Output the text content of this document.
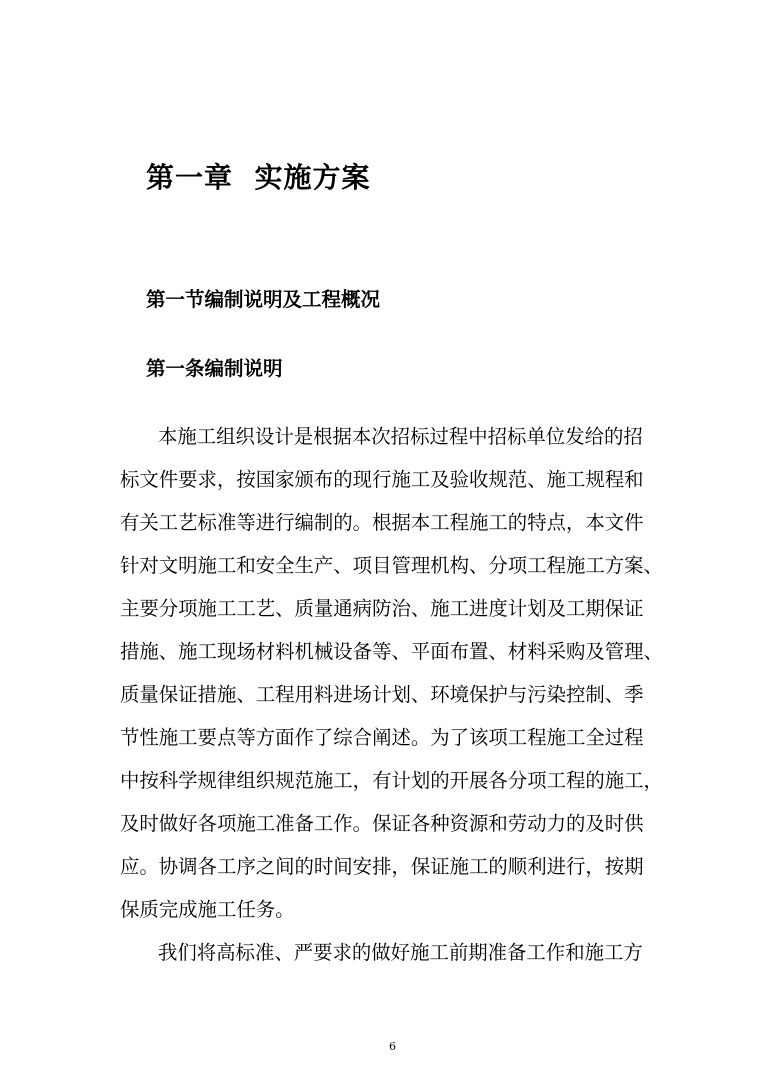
第一章  实施方案
第一节编制说明及工程概况
第一条编制说明
本施工组织设计是根据本次招标过程中招标单位发给的招
标文件要求，按国家颁布的现行施工及验收规范、施工规程和
有关工艺标准等进行编制的。根据本工程施工的特点，本文件
针对文明施工和安全生产、项目管理机构、分项工程施工方案、
主要分项施工工艺、质量通病防治、施工进度计划及工期保证
措施、施工现场材料机械设备等、平面布置、材料采购及管理、
质量保证措施、工程用料进场计划、环境保护与污染控制、季
节性施工要点等方面作了综合阐述。为了该项工程施工全过程
中按科学规律组织规范施工，有计划的开展各分项工程的施工，
及时做好各项施工准备工作。保证各种资源和劳动力的及时供
应。协调各工序之间的时间安排，保证施工的顺利进行，按期
保质完成施工任务。
我们将高标准、严要求的做好施工前期准备工作和施工方
6
